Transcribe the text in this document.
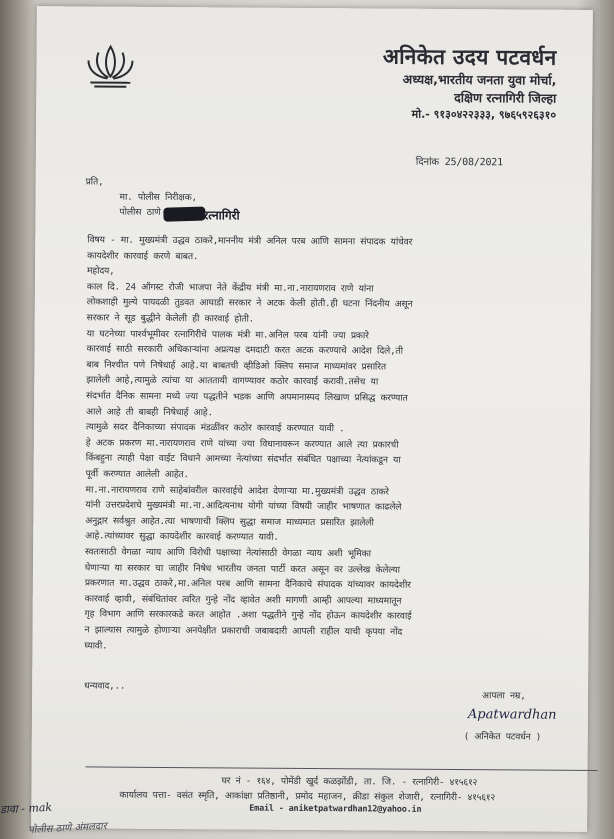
अनिकेत उदय पटवर्धन
अध्यक्ष,भारतीय जनता युवा मोर्चा,
दक्षिण रत्नागिरी जिल्हा
मो.- ९१३०४२२३३३, ९७६५९२६३१०
दिनांक 25/08/2021
प्रति,
मा. पोलीस निरीक्षक,
पोलीस ठाणे	रत्नागिरी
विषय - मा. मुख्यमंत्री उद्धव ठाकरे,माननीय मंत्री अनिल परब आणि सामना संपादक यांचेवर
कायदेशीर कारवाई करणे बाबत.
महोदय,
काल दि. 24 ऑगस्ट रोजी भाजपा नेते केंद्रीय मंत्री मा.ना.नारायणराव राणे यांना
लोकशाही मुल्ये पायदळी तुडवत आघाडी सरकार ने अटक केली होती.ही घटना निंदनीय असून
सरकार ने सूड बुद्धीने केलेली ही कारवाई होती.
या घटनेच्या पार्श्वभूमीवर रत्नागिरीचे पालक मंत्री मा.अनिल परब यांनी ज्या प्रकारे
कारवाई साठी सरकारी अधिकाऱ्यांना अप्रत्यक्ष दमदाटी करत अटक करण्याचे आदेश दिले,ती
बाब निश्चीत पणे निषेधार्ह आहे.या बाबतची व्हीडिओ क्लिप समाज माध्यमांवर प्रसारित
झालेली आहे,त्यामुळे त्यांचा या आततायी वागण्यावर कठोर कारवाई करावी.तसेच या
संदर्भात दैनिक सामना मध्ये ज्या पद्धतीने भडक आणि अपमानास्पद लिखाण प्रसिद्ध करण्यात
आले आहे ती बाबही निषेधार्ह आहे.
त्यामुळे सदर दैनिकाच्या संपादक मंडळींवर कठोर कारवाई करण्यात यावी .
हे अटक प्रकरण मा.नारायणराव राणे यांच्या ज्या विधानावरून करण्यात आले त्या प्रकारची
किंबहुना त्याही पेक्षा वाईट विधाने आमच्या नेत्यांच्या संदर्भात संबंधित पक्षाच्या नेत्यांकडून या
पूर्वी करण्यात आलेली आहेत.
मा.ना.नारायणराव राणे साहेबांवरील कारवाईचे आदेश देणाऱ्या मा.मुख्यमंत्री उद्धव ठाकरे
यांनी उत्तरप्रदेशचे मुख्यमंत्री मा.ना.आदित्यनाथ योगी यांच्या विषयी जाहीर भाषणात काढलेले
अनुद्गार सर्वश्रुत आहेत.त्या भाषणाची क्लिप सुद्धा समाज माध्यमात प्रसारित झालेली
आहे.त्यांच्यावर सुद्धा कायदेशीर कारवाई करण्यात यावी.
स्वतःसाठी वेगळा न्याय आणि विरोधी पक्षाच्या नेत्यांसाठी वेगळा न्याय अशी भूमिका
घेणाऱ्या या सरकार चा जाहीर निषेध भारतीय जनता पार्टी करत असून वर उल्लेख केलेल्या
प्रकरणात मा.उद्धव ठाकरे,मा.अनिल परब आणि सामना दैनिकाचे संपादक यांच्यावर कायदेशीर
कारवाई व्हावी, संबंधितांवर त्वरित गुन्हे नोंद व्हावेत अशी मागणी आम्ही आपल्या माध्यमातून
गृह विभाग आणि सरकारकडे करत आहोत .अशा पद्धतीने गुन्हे नोंद होऊन कायदेशीर कारवाई
न झाल्यास त्यामुळे होणाऱ्या अनपेक्षीत प्रकाराची जबाबदारी आपली राहील याची कृपया नोंद
घ्यावी.
धन्यवाद,..
आपला नम्र,
Apatwardhan
( अनिकेत पटवर्धन )
घर नं - १६४, पोमेंडी खुर्द कळझोंडी, ता. जि. - रत्नागिरी- ४१५६१२
कार्यालय पत्ता- वसंत स्मृति, आकांक्षा प्रतिष्ठानी, प्रमोद महाजन, क्रीडा संकुल शेजारी, रत्नागिरी- ४१५६१२
Email - aniketpatwardhan12@yahoo.in
डावा - mak
पोलीस ठाणे अंमलदार
